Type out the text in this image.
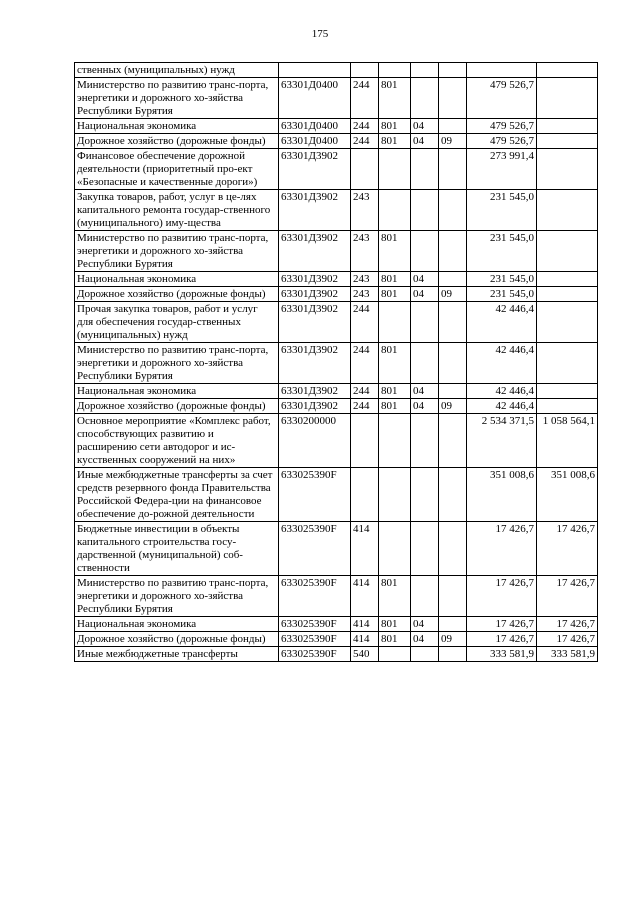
175
ственных (муниципальных) нужд							
Министерство по развитию транс-порта, энергетики и дорожного хо-зяйства Республики Бурятия	63301Д0400	244	801			479 526,7	
Национальная экономика	63301Д0400	244	801	04		479 526,7	
Дорожное хозяйство (дорожные фонды)	63301Д0400	244	801	04	09	479 526,7	
Финансовое обеспечение дорожной деятельности (приоритетный про-ект «Безопасные и качественные дороги»)	63301Д3902					273 991,4	
Закупка товаров, работ, услуг в це-лях капитального ремонта государ-ственного (муниципального) иму-щества	63301Д3902	243				231 545,0	
Министерство по развитию транс-порта, энергетики и дорожного хо-зяйства Республики Бурятия	63301Д3902	243	801			231 545,0	
Национальная экономика	63301Д3902	243	801	04		231 545,0	
Дорожное хозяйство (дорожные фонды)	63301Д3902	243	801	04	09	231 545,0	
Прочая закупка товаров, работ и услуг для обеспечения государ-ственных (муниципальных) нужд	63301Д3902	244				42 446,4	
Министерство по развитию транс-порта, энергетики и дорожного хо-зяйства Республики Бурятия	63301Д3902	244	801			42 446,4	
Национальная экономика	63301Д3902	244	801	04		42 446,4	
Дорожное хозяйство (дорожные фонды)	63301Д3902	244	801	04	09	42 446,4	
Основное мероприятие «Комплекс работ, способствующих развитию и расширению сети автодорог и ис-кусственных сооружений на них»	6330200000					2 534 371,5	1 058 564,1
Иные межбюджетные трансферты за счет средств резервного фонда Правительства Российской Федера-ции на финансовое обеспечение до-рожной деятельности	633025390F					351 008,6	351 008,6
Бюджетные инвестиции в объекты капитального строительства госу-дарственной (муниципальной) соб-ственности	633025390F	414				17 426,7	17 426,7
Министерство по развитию транс-порта, энергетики и дорожного хо-зяйства Республики Бурятия	633025390F	414	801			17 426,7	17 426,7
Национальная экономика	633025390F	414	801	04		17 426,7	17 426,7
Дорожное хозяйство (дорожные фонды)	633025390F	414	801	04	09	17 426,7	17 426,7
Иные межбюджетные трансферты	633025390F	540				333 581,9	333 581,9
